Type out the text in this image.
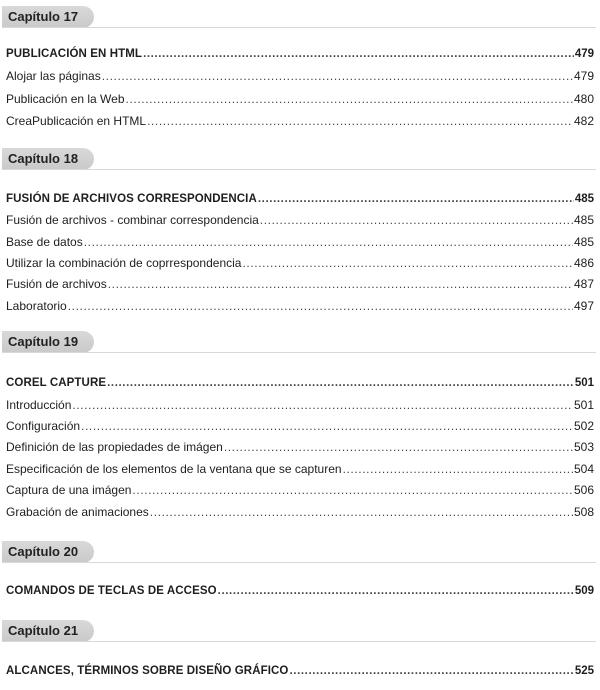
Capítulo 17
PUBLICACIÓN EN HTML .....	479
Alojar las páginas .....	479
Publicación en la Web .....	480
CreaPublicación en HTML .....	482
Capítulo 18
FUSIÓN DE ARCHIVOS CORRESPONDENCIA .....	485
Fusión de archivos - combinar correspondencia .....	485
Base de datos .....	485
Utilizar la combinación de coprrespondencia .....	486
Fusión de archivos .....	487
Laboratorio .....	497
Capítulo 19
COREL CAPTURE .....	501
Introducción .....	501
Configuración .....	502
Definición de las propiedades de imágen .....	503
Especificación de los elementos de la ventana que se capturen .....	504
Captura de una imágen .....	506
Grabación de animaciones .....	508
Capítulo 20
COMANDOS DE TECLAS DE ACCESO .....	509
Capítulo 21
ALCANCES, TÉRMINOS SOBRE DISEÑO GRÁFICO .....	525
